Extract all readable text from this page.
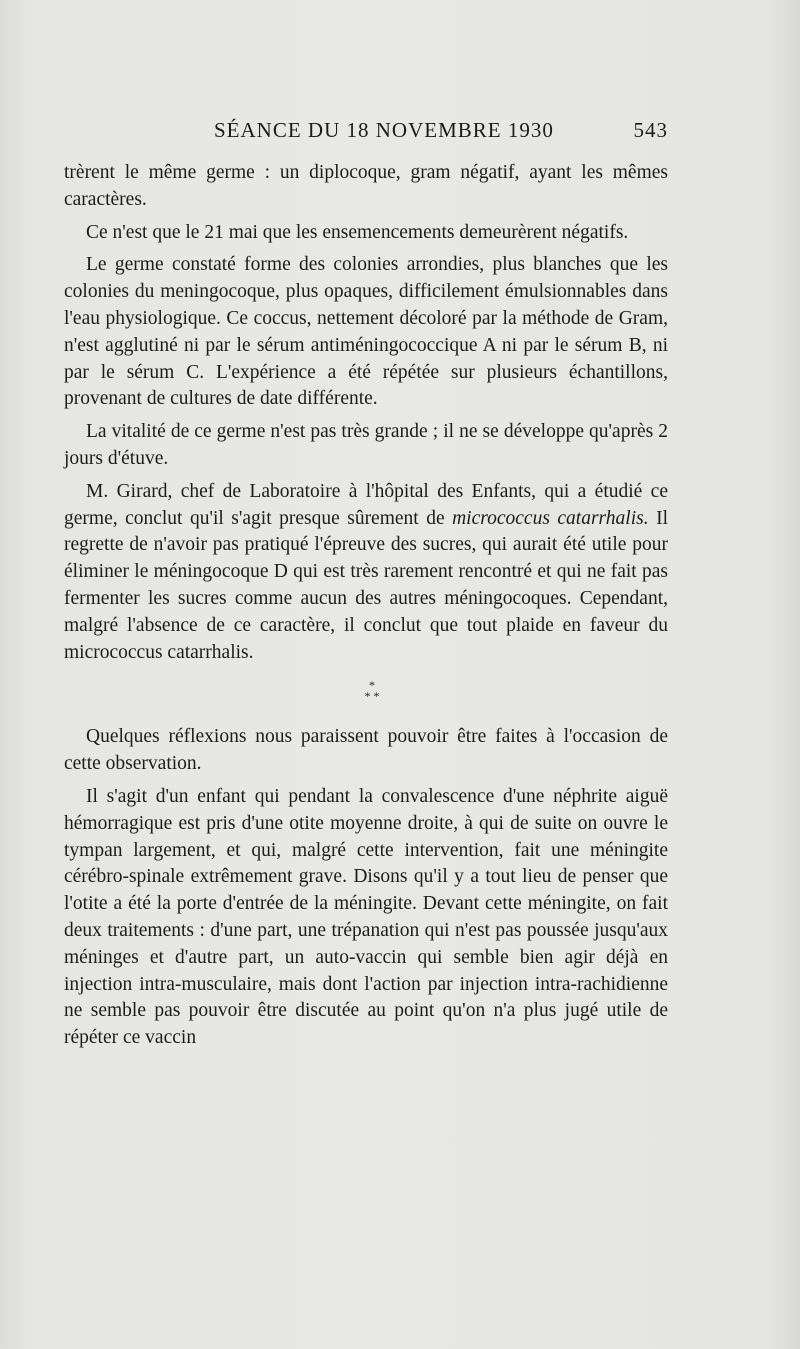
SÉANCE DU 18 NOVEMBRE 1930	543

trèrent le même germe : un diplocoque, gram négatif, ayant les mêmes caractères.

Ce n'est que le 21 mai que les ensemencements demeurèrent négatifs.

Le germe constaté forme des colonies arrondies, plus blanches que les colonies du meningocoque, plus opaques, difficilement émulsionnables dans l'eau physiologique. Ce coccus, nettement décoloré par la méthode de Gram, n'est agglutiné ni par le sérum antiméningococcique A ni par le sérum B, ni par le sérum C. L'expérience a été répétée sur plusieurs échantillons, provenant de cultures de date différente.

La vitalité de ce germe n'est pas très grande ; il ne se développe qu'après 2 jours d'étuve.

M. Girard, chef de Laboratoire à l'hôpital des Enfants, qui a étudié ce germe, conclut qu'il s'agit presque sûrement de micrococcus catarrhalis. Il regrette de n'avoir pas pratiqué l'épreuve des sucres, qui aurait été utile pour éliminer le méningocoque D qui est très rarement rencontré et qui ne fait pas fermenter les sucres comme aucun des autres méningocoques. Cependant, malgré l'absence de ce caractère, il conclut que tout plaide en faveur du micrococcus catarrhalis.

*
* *

Quelques réflexions nous paraissent pouvoir être faites à l'occasion de cette observation.

Il s'agit d'un enfant qui pendant la convalescence d'une néphrite aiguë hémorragique est pris d'une otite moyenne droite, à qui de suite on ouvre le tympan largement, et qui, malgré cette intervention, fait une méningite cérébro-spinale extrêmement grave. Disons qu'il y a tout lieu de penser que l'otite a été la porte d'entrée de la méningite. Devant cette méningite, on fait deux traitements : d'une part, une trépanation qui n'est pas poussée jusqu'aux méninges et d'autre part, un auto-vaccin qui semble bien agir déjà en injection intra-musculaire, mais dont l'action par injection intra-rachidienne ne semble pas pouvoir être discutée au point qu'on n'a plus jugé utile de répéter ce vaccin
